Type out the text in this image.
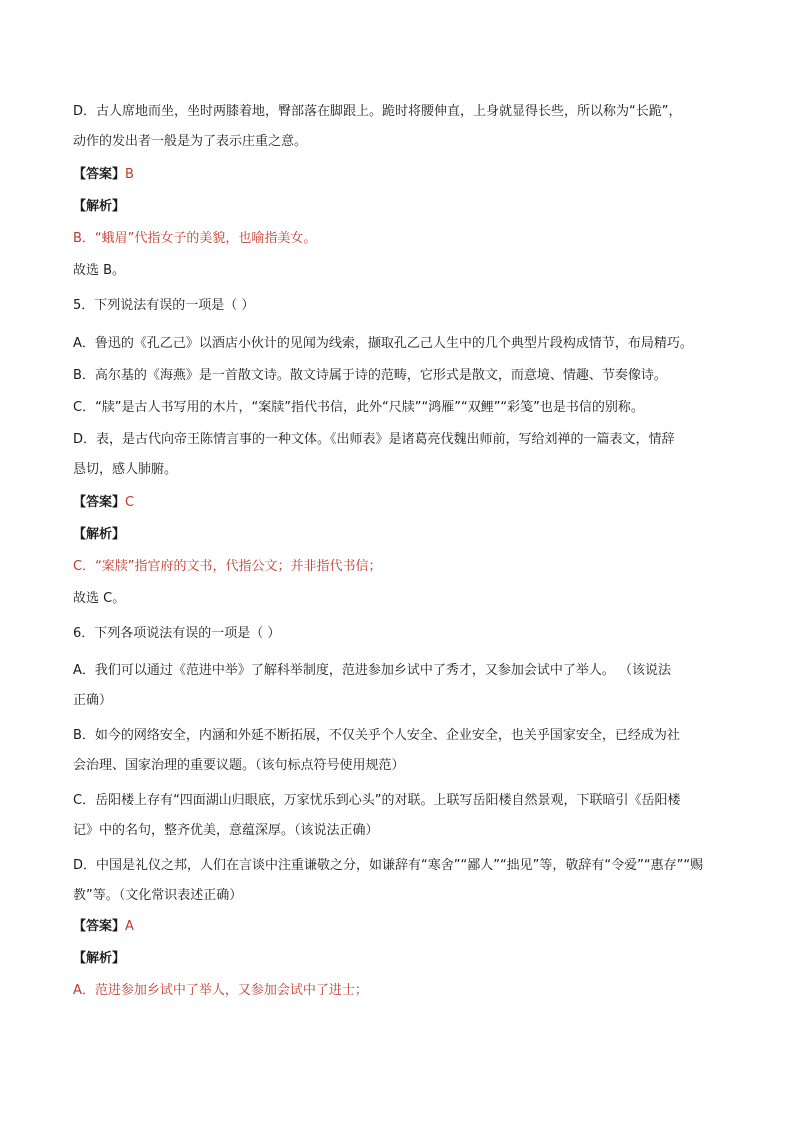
D．古人席地而坐，坐时两膝着地，臀部落在脚跟上。跪时将腰伸直，上身就显得长些，所以称为“长跪”，
动作的发出者一般是为了表示庄重之意。
【答案】B
【解析】
B．“蛾眉”代指女子的美貌，也喻指美女。
故选 B。
5．下列说法有误的一项是（ ）
A．鲁迅的《孔乙己》以酒店小伙计的见闻为线索，撷取孔乙己人生中的几个典型片段构成情节，布局精巧。
B．高尔基的《海燕》是一首散文诗。散文诗属于诗的范畴，它形式是散文，而意境、情趣、节奏像诗。
C．“牍”是古人书写用的木片，“案牍”指代书信，此外“尺牍”“鸿雁”“双鲤”“彩笺”也是书信的别称。
D．表，是古代向帝王陈情言事的一种文体。《出师表》是诸葛亮伐魏出师前，写给刘禅的一篇表文，情辞
恳切，感人肺腑。
【答案】C
【解析】
C．“案牍”指官府的文书，代指公文；并非指代书信；
故选 C。
6．下列各项说法有误的一项是（ ）
A．我们可以通过《范进中举》了解科举制度，范进参加乡试中了秀才，又参加会试中了举人。 （该说法
正确）
B．如今的网络安全，内涵和外延不断拓展，不仅关乎个人安全、企业安全，也关乎国家安全，已经成为社
会治理、国家治理的重要议题。（该句标点符号使用规范）
C．岳阳楼上存有“四面湖山归眼底，万家忧乐到心头”的对联。上联写岳阳楼自然景观，下联暗引《岳阳楼
记》中的名句，整齐优美，意蕴深厚。（该说法正确）
D．中国是礼仪之邦，人们在言谈中注重谦敬之分，如谦辞有“寒舍”“鄙人”“拙见”等，敬辞有“令爱”“惠存”“赐
教”等。（文化常识表述正确）
【答案】A
【解析】
A．范进参加乡试中了举人，又参加会试中了进士；
